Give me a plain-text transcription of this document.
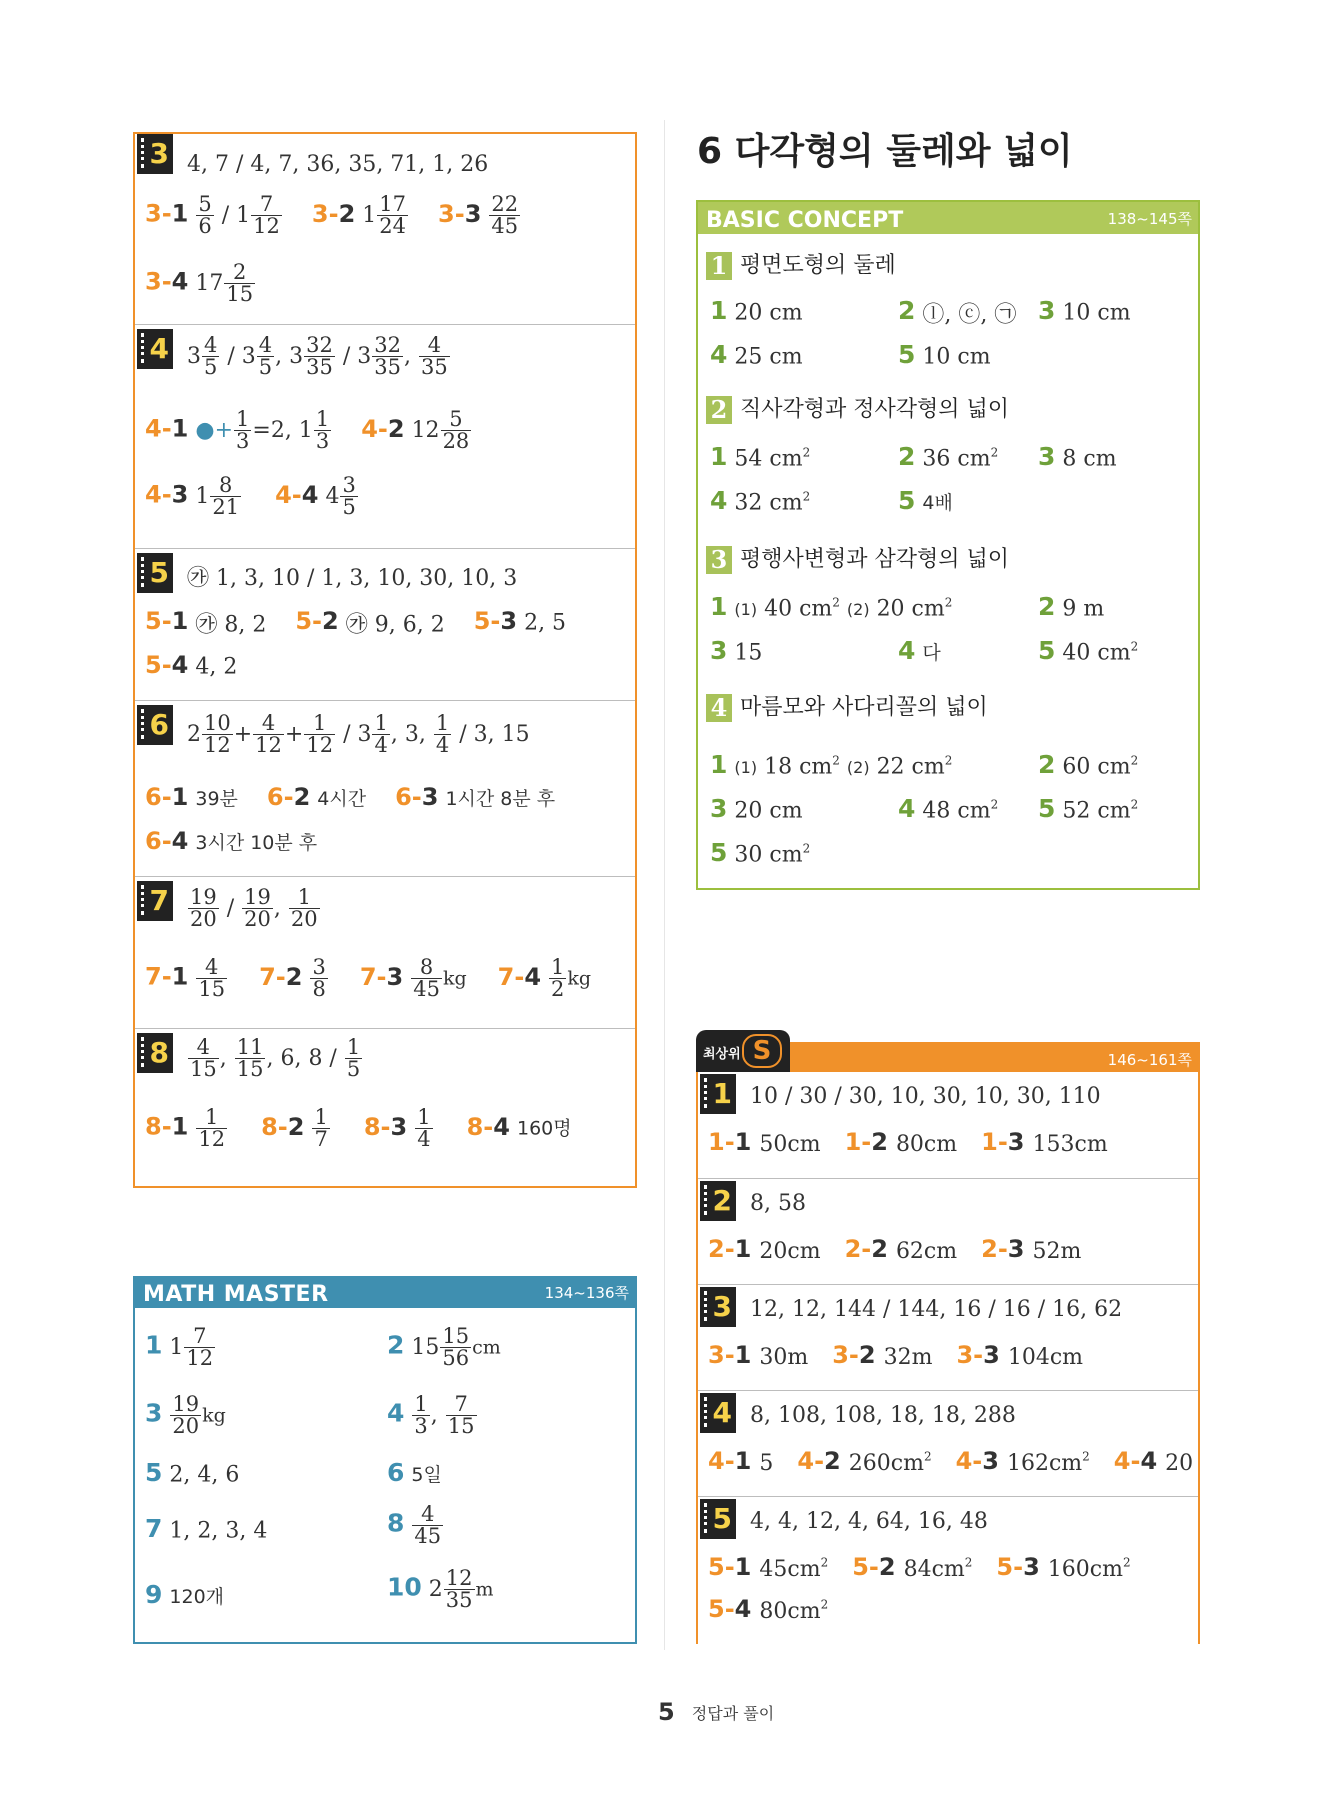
3 4, 7 / 4, 7, 36, 35, 71, 1, 26
$3-1 \frac{5}{6} / 1 \frac{7}{12} 3-2$ $1 \frac{17}{24} 3-3 \frac{22}{45}$
3-4 $17 \frac{2}{15}$
4 $3 \frac{4}{5} / 3 \frac{4}{5}$ , $3 \frac{32}{35} / 3 \frac{32}{35}$ , $\frac{4}{35}$
4-1 ●+ $\frac{1}{3} =2$, $1 \frac{1}{3} 4-2$ $12 \frac{5}{28}$
4-3 $1 \frac{8}{21} 4-4$ $4 \frac{3}{5}$
5 ㉮ 1, 3, 10 / 1, 3, 10, 30, 10, 3
5-1 ㉮ 8, 2 5-2 ㉮ 9, 6, 2 5-3 2, 5
5-4 4, 2
6 $2 \frac{10}{12} + \frac{4}{12} + \frac{1}{12} / 3 \frac{1}{4}$ , 3, $\frac{1}{4} / 3$, 15
6-1 39분 6-2 4시간 6-3 1시간 8분 후
6-4 3시간 10분 후
$7 \frac{19}{20} / \frac{19}{20}$ , $\frac{1}{20}$
$7-1 \frac{4}{15} 7-2 \frac{3}{8} 7-3 \frac{8}{45}$ kg $7-4 \frac{1}{2}$ kg
$8 \frac{4}{15}$ , $\frac{11}{15}$ , 6, $8 / \frac{1}{5}$
$8-1 \frac{1}{12} 8-2 \frac{1}{7} 8-3 \frac{1}{4} 8-4$ 160명
MATH MASTER	134~136쪽
1 $1 \frac{7}{12}$	2 $15 \frac{15}{56}$ cm
$3 \frac{19}{20}$ kg	$4 \frac{1}{3}$ , $\frac{7}{15}$
5 2, 4, 6	6 5일
7 1, 2, 3, 4	$8 \frac{4}{45}$
9 120개	10 $2 \frac{12}{35}$ m
6 다각형의 둘레와 넓이
BASIC CONCEPT	138~145쪽
1 평면도형의 둘레
1 20 cm	2 ⓛ, ⓒ, ㉠ 3 10 cm
4 25 cm	5 10 cm
2 직사각형과 정사각형의 넓이
1 54 $cm^2$	2 36 $cm^2$ 3 8 cm
4 32 $cm^2$	5 4배
3 평행사변형과 삼각형의 넓이
1 (1) 40 $cm^2$ (2) 20 $cm^2$	2 9 m
3 15	4 다	5 40 $cm^2$
4 마름모와 사다리꼴의 넓이
1 (1) 18 $cm^2$ (2) 22 $cm^2$	2 60 $cm^2$
3 20 cm	4 48 $cm^2$ 5 52 $cm^2$
5 30 $cm^2$
146~161쪽
최상위 S
1 10 / 30 / 30, 10, 30, 10, 30, 110
1-1 50cm 1-2 80cm 1-3 153cm
2 8, 58
2-1 20cm 2-2 62cm 2-3 52m
3 12, 12, 144 / 144, 16 / 16 / 16, 62
3-1 30m 3-2 32m 3-3 104cm
4 8, 108, 108, 18, 18, 288
4-1 5 4-2 $260cm^2$ 4-3 $162cm^2$ 4-4 20
5 4, 4, 12, 4, 64, 16, 48
5-1 $45cm^2$ 5-2 $84cm^2$ 5-3 $160cm^2$
5-4 $80cm^2$
5 정답과 풀이
